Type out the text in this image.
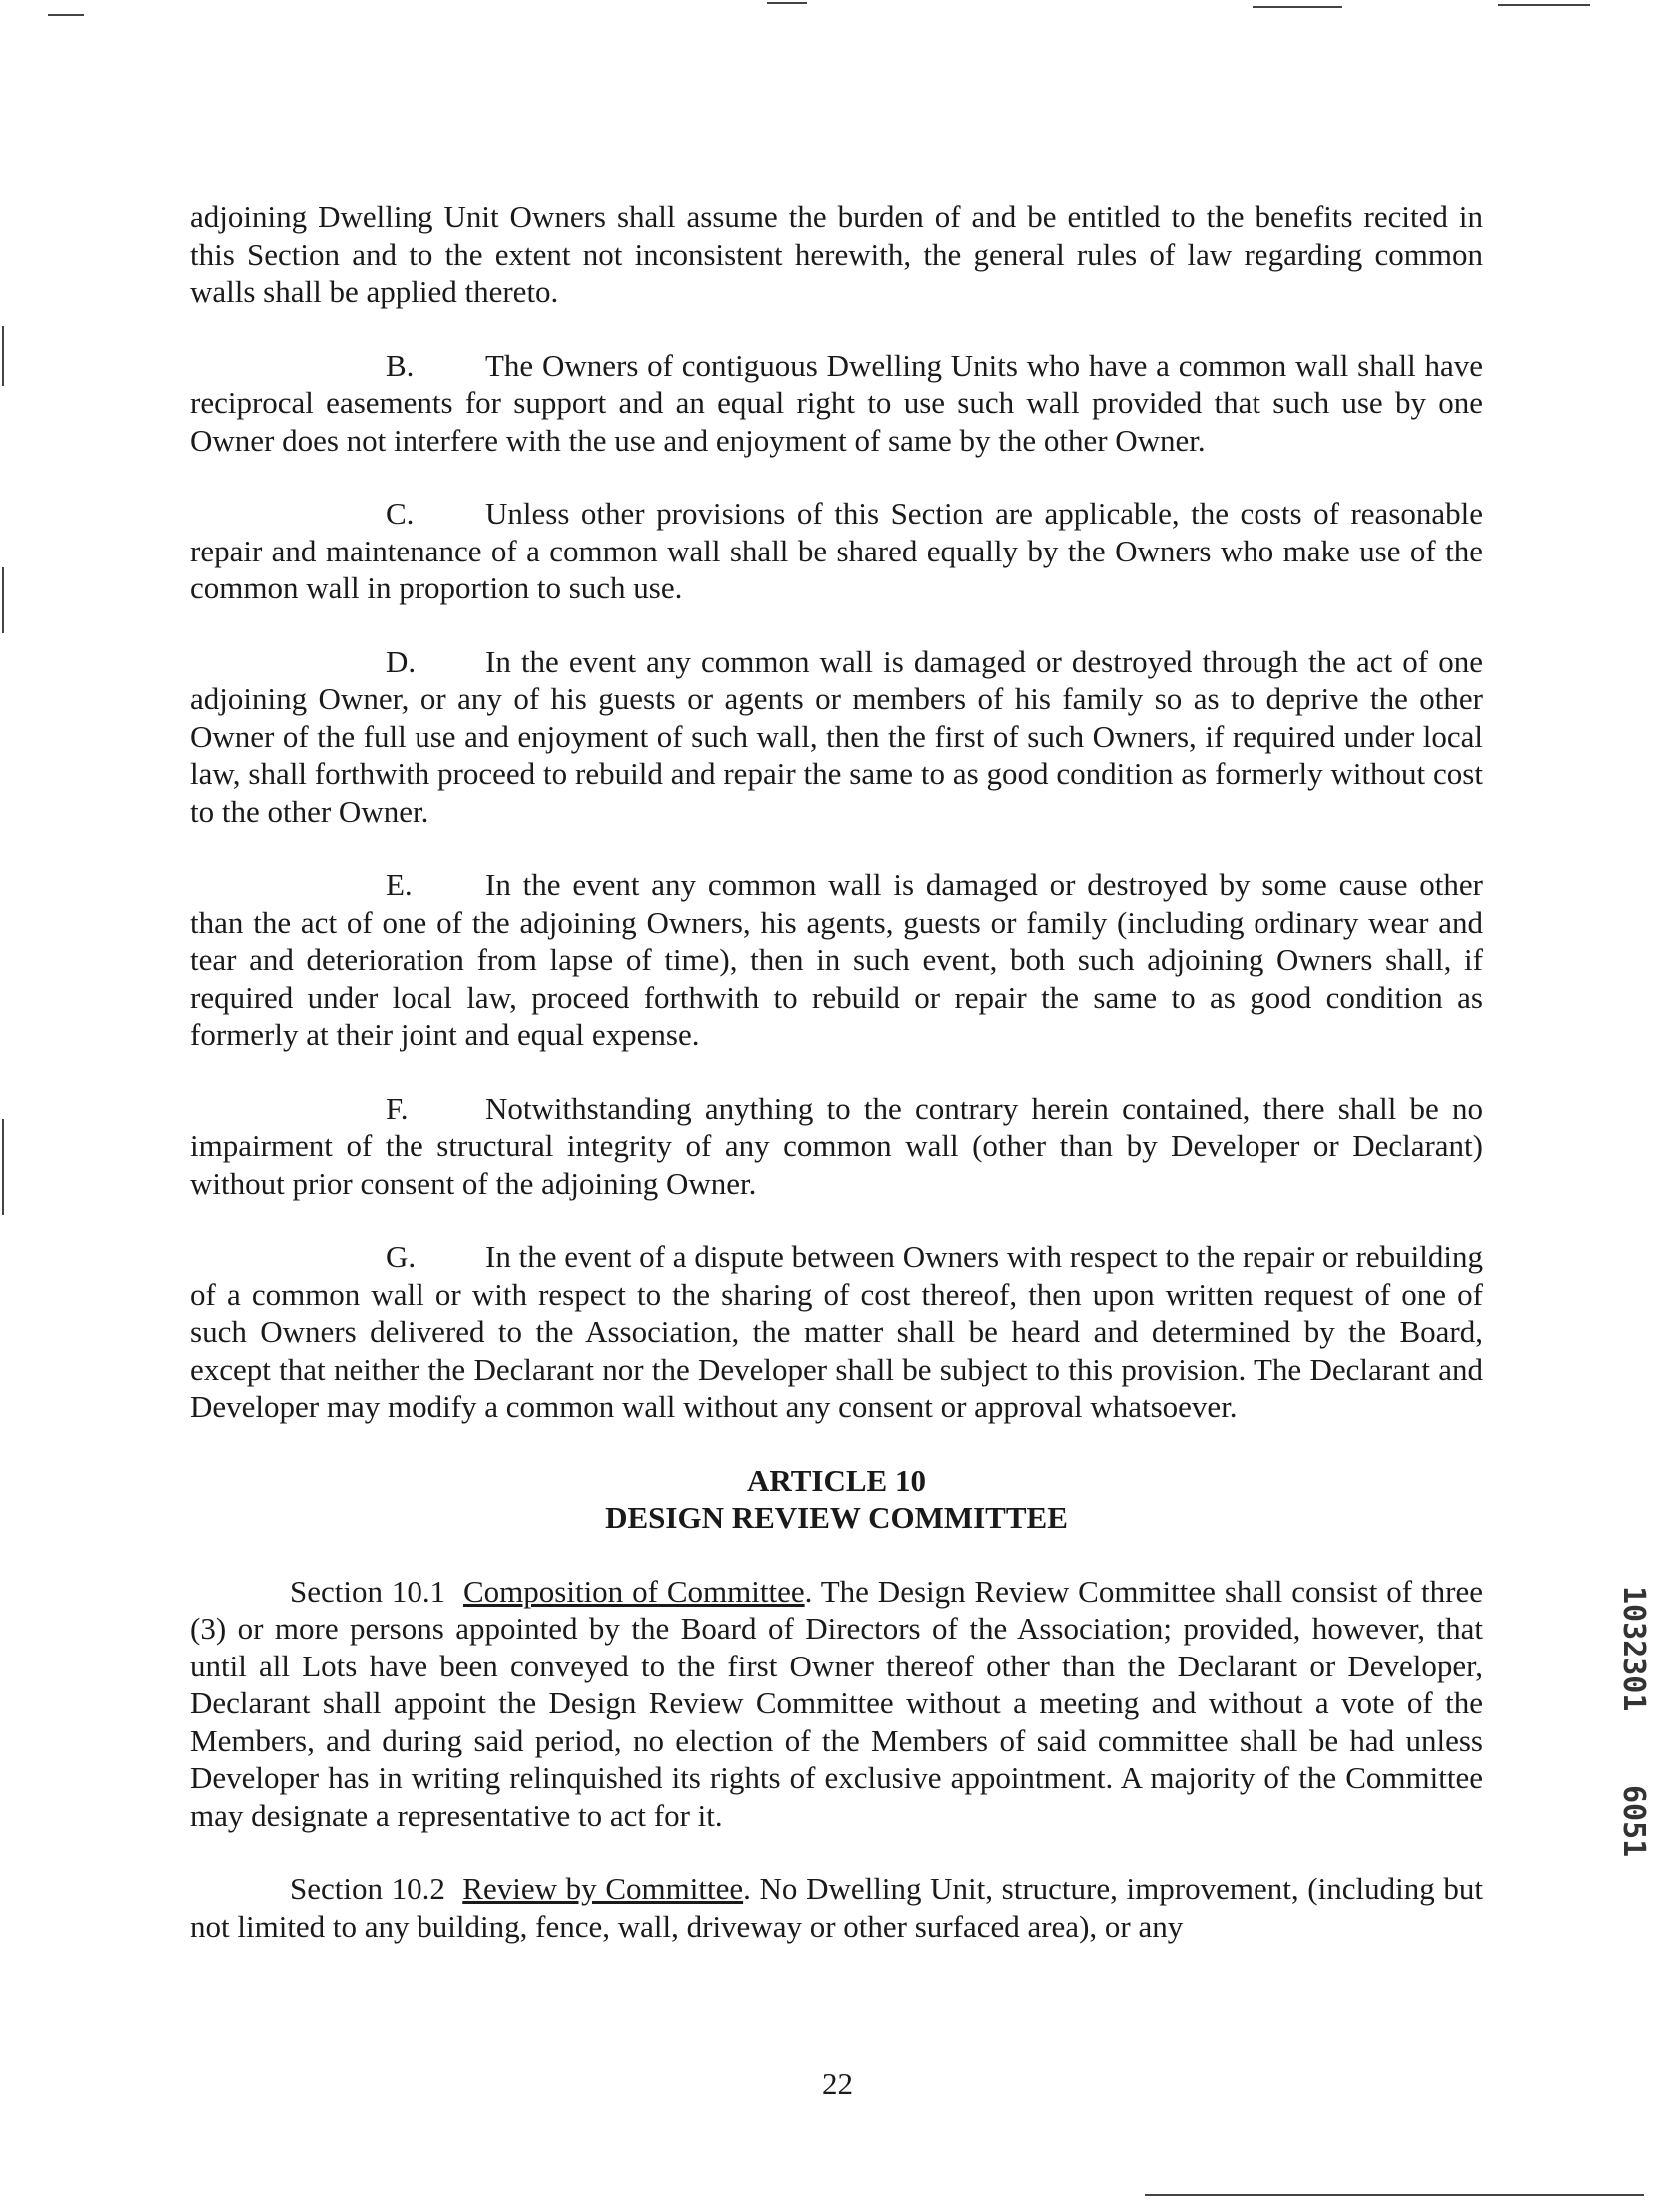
adjoining Dwelling Unit Owners shall assume the burden of and be entitled to the benefits recited in this Section and to the extent not inconsistent herewith, the general rules of law regarding common walls shall be applied thereto.

B. The Owners of contiguous Dwelling Units who have a common wall shall have reciprocal easements for support and an equal right to use such wall provided that such use by one Owner does not interfere with the use and enjoyment of same by the other Owner.

C. Unless other provisions of this Section are applicable, the costs of reasonable repair and maintenance of a common wall shall be shared equally by the Owners who make use of the common wall in proportion to such use.

D. In the event any common wall is damaged or destroyed through the act of one adjoining Owner, or any of his guests or agents or members of his family so as to deprive the other Owner of the full use and enjoyment of such wall, then the first of such Owners, if required under local law, shall forthwith proceed to rebuild and repair the same to as good condition as formerly without cost to the other Owner.

E. In the event any common wall is damaged or destroyed by some cause other than the act of one of the adjoining Owners, his agents, guests or family (including ordinary wear and tear and deterioration from lapse of time), then in such event, both such adjoining Owners shall, if required under local law, proceed forthwith to rebuild or repair the same to as good condition as formerly at their joint and equal expense.

F. Notwithstanding anything to the contrary herein contained, there shall be no impairment of the structural integrity of any common wall (other than by Developer or Declarant) without prior consent of the adjoining Owner.

G. In the event of a dispute between Owners with respect to the repair or rebuilding of a common wall or with respect to the sharing of cost thereof, then upon written request of one of such Owners delivered to the Association, the matter shall be heard and determined by the Board, except that neither the Declarant nor the Developer shall be subject to this provision. The Declarant and Developer may modify a common wall without any consent or approval whatsoever.

ARTICLE 10
DESIGN REVIEW COMMITTEE

Section 10.1 Composition of Committee. The Design Review Committee shall consist of three (3) or more persons appointed by the Board of Directors of the Association; provided, however, that until all Lots have been conveyed to the first Owner thereof other than the Declarant or Developer, Declarant shall appoint the Design Review Committee without a meeting and without a vote of the Members, and during said period, no election of the Members of said committee shall be had unless Developer has in writing relinquished its rights of exclusive appointment. A majority of the Committee may designate a representative to act for it.

Section 10.2 Review by Committee. No Dwelling Unit, structure, improvement, (including but not limited to any building, fence, wall, driveway or other surfaced area), or any

1032301
6051
22
